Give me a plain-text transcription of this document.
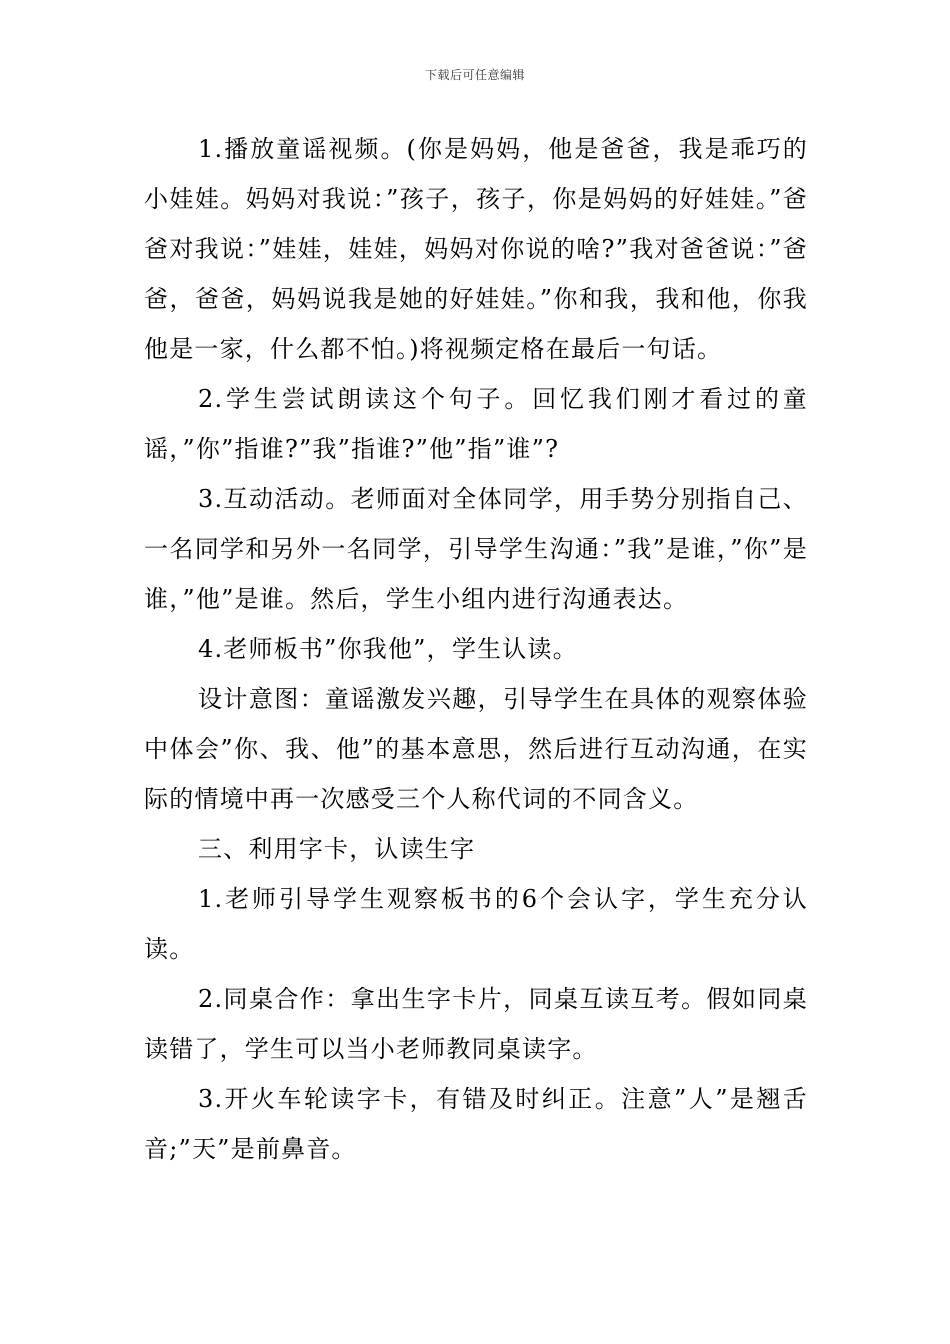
下载后可任意编辑

1.播放童谣视频。(你是妈妈，他是爸爸，我是乖巧的小娃娃。妈妈对我说：”孩子，孩子，你是妈妈的好娃娃。”爸爸对我说：”娃娃，娃娃，妈妈对你说的啥?”我对爸爸说：”爸爸，爸爸，妈妈说我是她的好娃娃。”你和我，我和他，你我他是一家，什么都不怕。)将视频定格在最后一句话。

2.学生尝试朗读这个句子。回忆我们刚才看过的童谣，”你”指谁?”我”指谁?”他”指”谁”?

3.互动活动。老师面对全体同学，用手势分别指自己、一名同学和另外一名同学，引导学生沟通：”我”是谁，”你”是谁，”他”是谁。然后，学生小组内进行沟通表达。

4.老师板书”你我他”，学生认读。

设计意图：童谣激发兴趣，引导学生在具体的观察体验中体会”你、我、他”的基本意思，然后进行互动沟通，在实际的情境中再一次感受三个人称代词的不同含义。

三、利用字卡，认读生字

1.老师引导学生观察板书的6个会认字，学生充分认读。

2.同桌合作：拿出生字卡片，同桌互读互考。假如同桌读错了，学生可以当小老师教同桌读字。

3.开火车轮读字卡，有错及时纠正。注意”人”是翘舌音;”天”是前鼻音。
